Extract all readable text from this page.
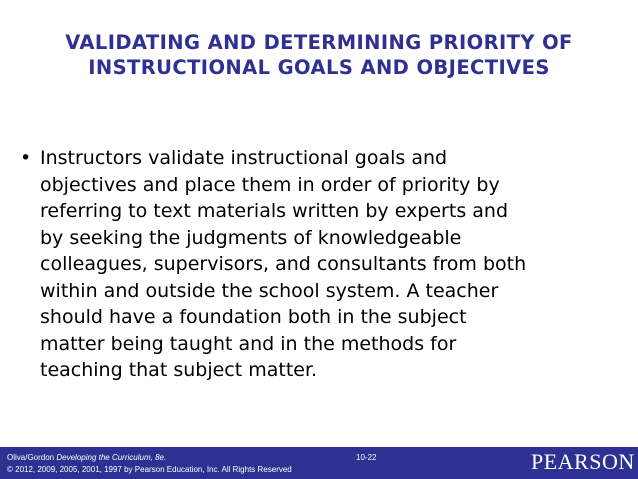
VALIDATING AND DETERMINING PRIORITY OF
INSTRUCTIONAL GOALS AND OBJECTIVES
• Instructors validate instructional goals and
objectives and place them in order of priority by
referring to text materials written by experts and
by seeking the judgments of knowledgeable
colleagues, supervisors, and consultants from both
within and outside the school system. A teacher
should have a foundation both in the subject
matter being taught and in the methods for
teaching that subject matter.
Oliva/Gordon Developing the Curriculum, 8e.
© 2012, 2009, 2005, 2001, 1997 by Pearson Education, Inc. All Rights Reserved
10-22	PEARSON
